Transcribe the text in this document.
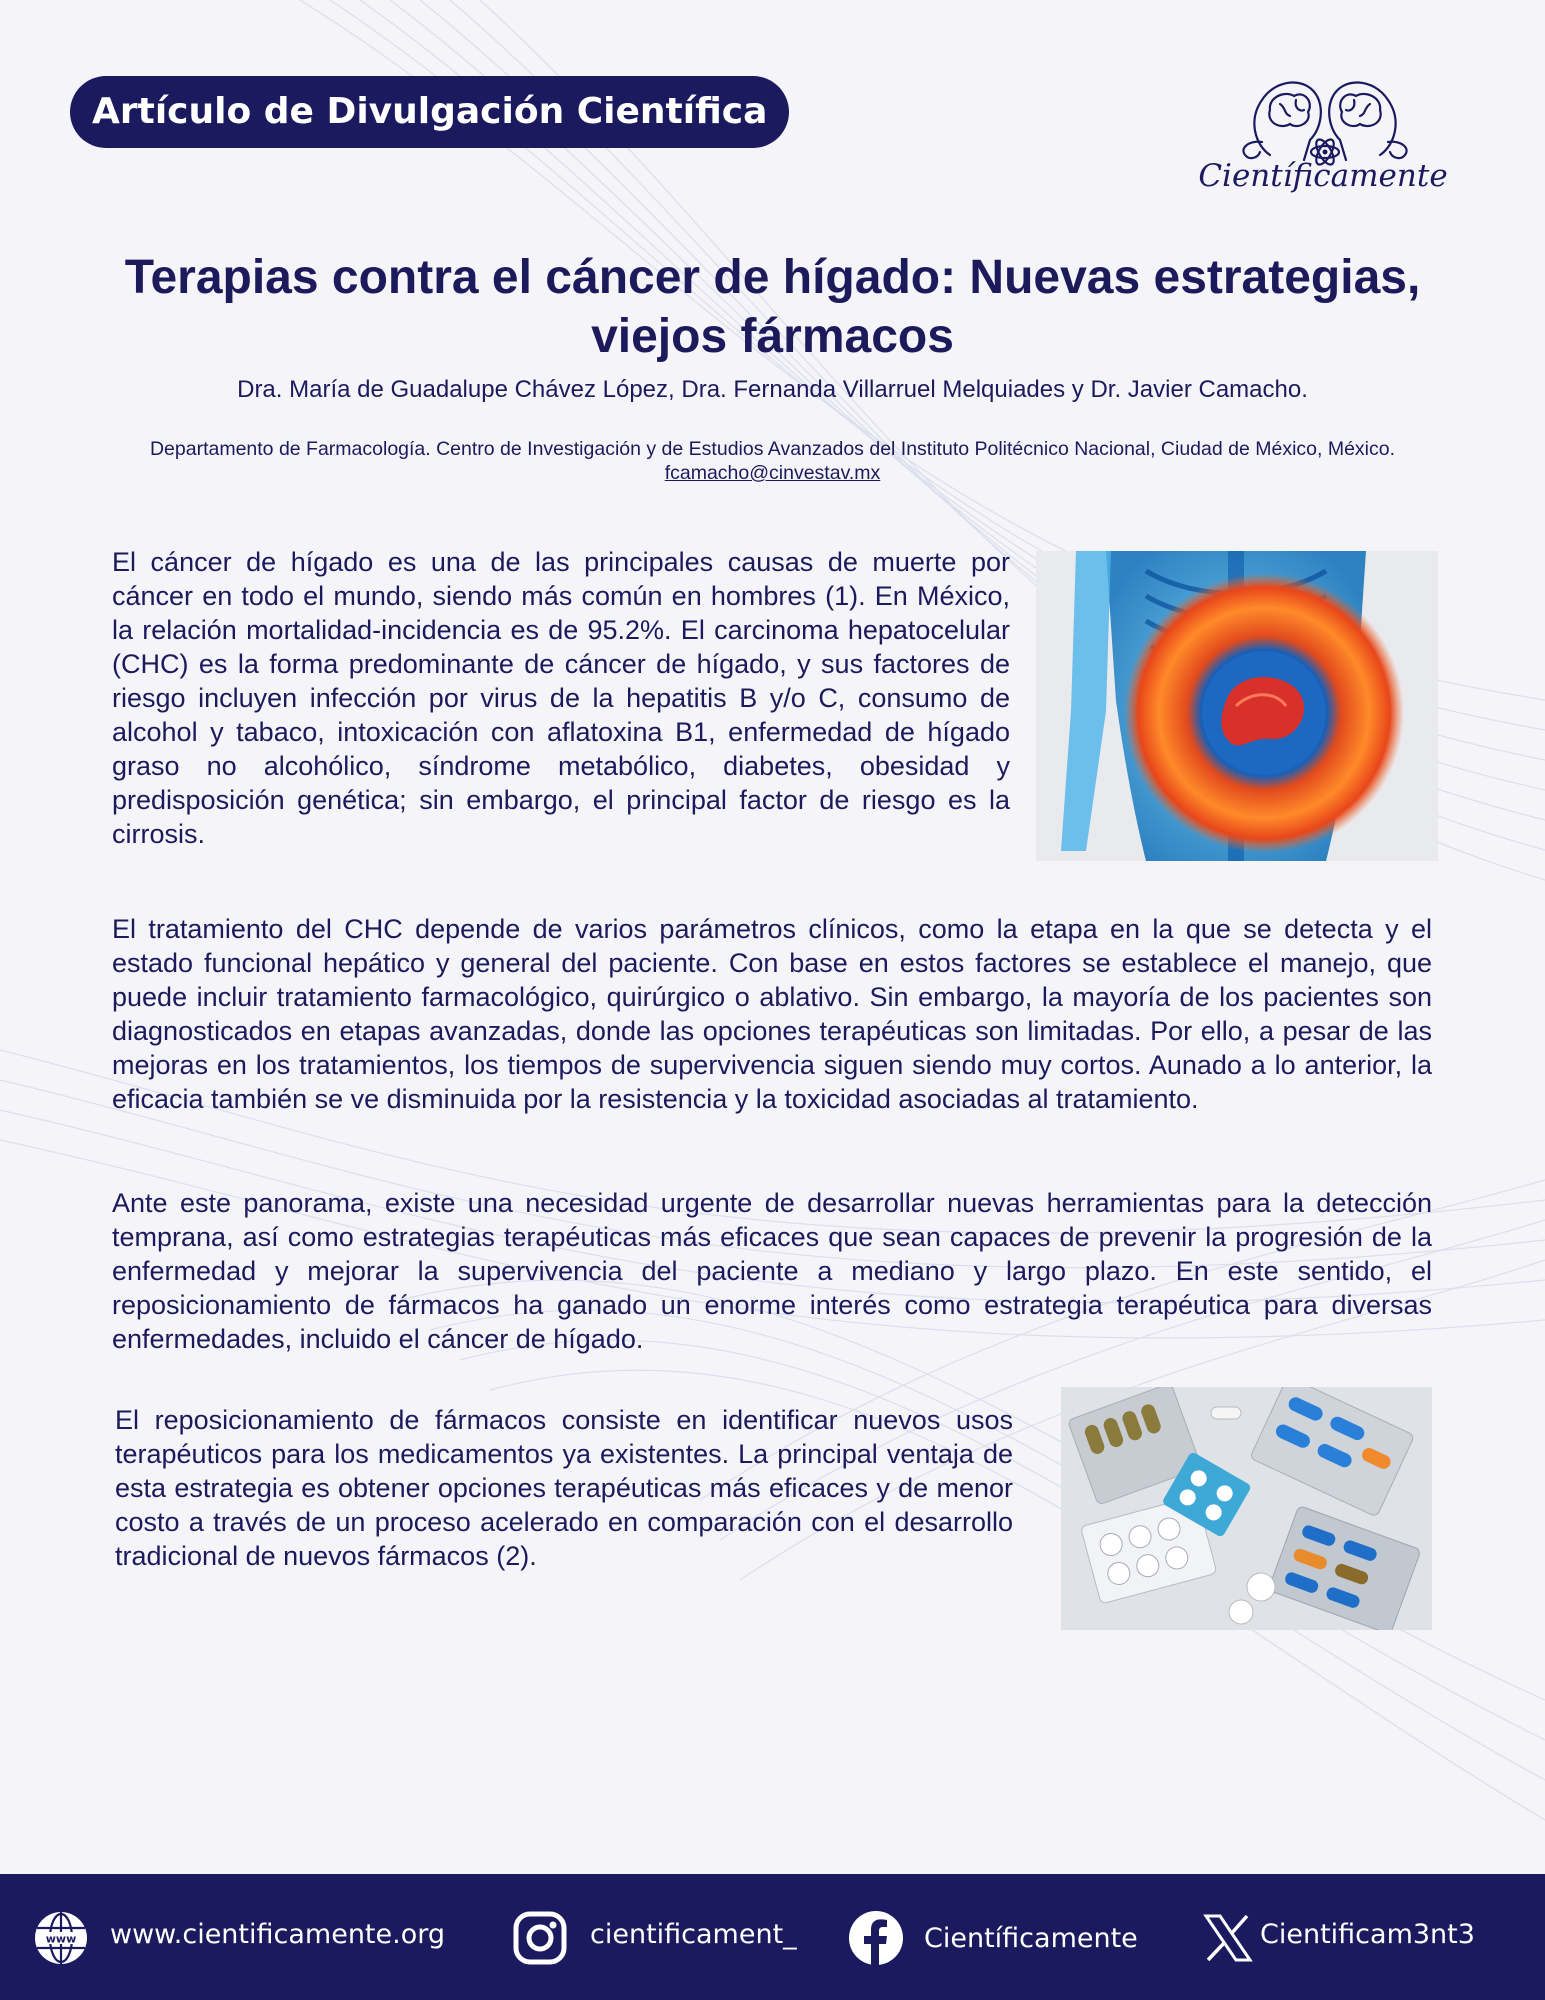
Artículo de Divulgación Científica
Científicamente
Terapias contra el cáncer de hígado: Nuevas estrategias, viejos fármacos
Dra. María de Guadalupe Chávez López, Dra. Fernanda Villarruel Melquiades y Dr. Javier Camacho.
Departamento de Farmacología. Centro de Investigación y de Estudios Avanzados del Instituto Politécnico Nacional, Ciudad de México, México. fcamacho@cinvestav.mx

El cáncer de hígado es una de las principales causas de muerte por cáncer en todo el mundo, siendo más común en hombres (1). En México, la relación mortalidad-incidencia es de 95.2%. El carcinoma hepatocelular (CHC) es la forma predominante de cáncer de hígado, y sus factores de riesgo incluyen infección por virus de la hepatitis B y/o C, consumo de alcohol y tabaco, intoxicación con aflatoxina B1, enfermedad de hígado graso no alcohólico, síndrome metabólico, diabetes, obesidad y predisposición genética; sin embargo, el principal factor de riesgo es la cirrosis.

El tratamiento del CHC depende de varios parámetros clínicos, como la etapa en la que se detecta y el estado funcional hepático y general del paciente. Con base en estos factores se establece el manejo, que puede incluir tratamiento farmacológico, quirúrgico o ablativo. Sin embargo, la mayoría de los pacientes son diagnosticados en etapas avanzadas, donde las opciones terapéuticas son limitadas. Por ello, a pesar de las mejoras en los tratamientos, los tiempos de supervivencia siguen siendo muy cortos. Aunado a lo anterior, la eficacia también se ve disminuida por la resistencia y la toxicidad asociadas al tratamiento.

Ante este panorama, existe una necesidad urgente de desarrollar nuevas herramientas para la detección temprana, así como estrategias terapéuticas más eficaces que sean capaces de prevenir la progresión de la enfermedad y mejorar la supervivencia del paciente a mediano y largo plazo. En este sentido, el reposicionamiento de fármacos ha ganado un enorme interés como estrategia terapéutica para diversas enfermedades, incluido el cáncer de hígado.

El reposicionamiento de fármacos consiste en identificar nuevos usos terapéuticos para los medicamentos ya existentes. La principal ventaja de esta estrategia es obtener opciones terapéuticas más eficaces y de menor costo a través de un proceso acelerado en comparación con el desarrollo tradicional de nuevos fármacos (2).

www www.cientificamente.org	cientificament_	Científicamente	Cientificam3nt3
